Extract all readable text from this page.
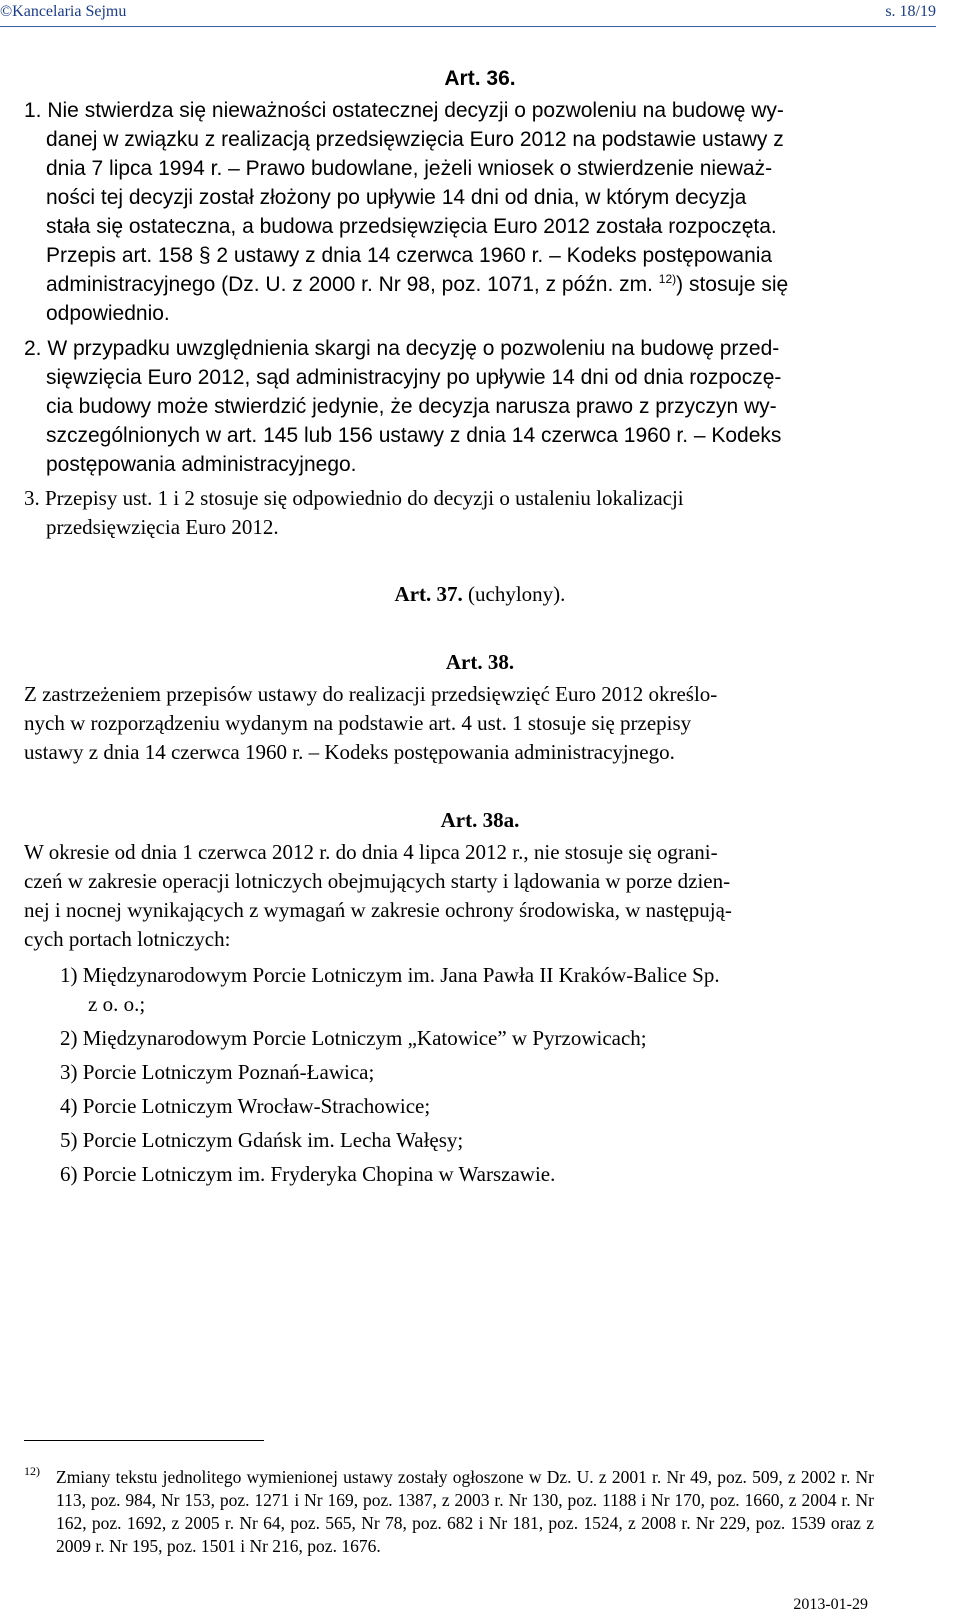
©Kancelaria Sejmu	s. 18/19
Art. 36.
1. Nie stwierdza się nieważności ostatecznej decyzji o pozwoleniu na budowę wy-
danej w związku z realizacją przedsięwzięcia Euro 2012 na podstawie ustawy z
dnia 7 lipca 1994 r. – Prawo budowlane, jeżeli wniosek o stwierdzenie nieważ-
ności tej decyzji został złożony po upływie 14 dni od dnia, w którym decyzja
stała się ostateczna, a budowa przedsięwzięcia Euro 2012 została rozpoczęta.
Przepis art. 158 § 2 ustawy z dnia 14 czerwca 1960 r. – Kodeks postępowania
administracyjnego (Dz. U. z 2000 r. Nr 98, poz. 1071, z późn. zm. $^{12)}$) stosuje się
odpowiednio.
2. W przypadku uwzględnienia skargi na decyzję o pozwoleniu na budowę przed-
sięwzięcia Euro 2012, sąd administracyjny po upływie 14 dni od dnia rozpoczę-
cia budowy może stwierdzić jedynie, że decyzja narusza prawo z przyczyn wy-
szczególnionych w art. 145 lub 156 ustawy z dnia 14 czerwca 1960 r. – Kodeks
postępowania administracyjnego.
3. Przepisy ust. 1 i 2 stosuje się odpowiednio do decyzji o ustaleniu lokalizacji
przedsięwzięcia Euro 2012.
Art. 37. (uchylony).
Art. 38.
Z zastrzeżeniem przepisów ustawy do realizacji przedsięwzięć Euro 2012 określo-
nych w rozporządzeniu wydanym na podstawie art. 4 ust. 1 stosuje się przepisy
ustawy z dnia 14 czerwca 1960 r. – Kodeks postępowania administracyjnego.
Art. 38a.
W okresie od dnia 1 czerwca 2012 r. do dnia 4 lipca 2012 r., nie stosuje się ograni-
czeń w zakresie operacji lotniczych obejmujących starty i lądowania w porze dzien-
nej i nocnej wynikających z wymagań w zakresie ochrony środowiska, w następują-
cych portach lotniczych:
1) Międzynarodowym Porcie Lotniczym im. Jana Pawła II Kraków-Balice Sp.
z o. o.;
2) Międzynarodowym Porcie Lotniczym „Katowice” w Pyrzowicach;
3) Porcie Lotniczym Poznań-Ławica;
4) Porcie Lotniczym Wrocław-Strachowice;
5) Porcie Lotniczym Gdańsk im. Lecha Wałęsy;
6) Porcie Lotniczym im. Fryderyka Chopina w Warszawie.
12) Zmiany tekstu jednolitego wymienionej ustawy zostały ogłoszone w Dz. U. z 2001 r. Nr 49, poz. 509, z 2002 r. Nr 113, poz. 984, Nr 153, poz. 1271 i Nr 169, poz. 1387, z 2003 r. Nr 130, poz. 1188 i Nr 170, poz. 1660, z 2004 r. Nr 162, poz. 1692, z 2005 r. Nr 64, poz. 565, Nr 78, poz. 682 i Nr 181, poz. 1524, z 2008 r. Nr 229, poz. 1539 oraz z 2009 r. Nr 195, poz. 1501 i Nr 216, poz. 1676.
2013-01-29
